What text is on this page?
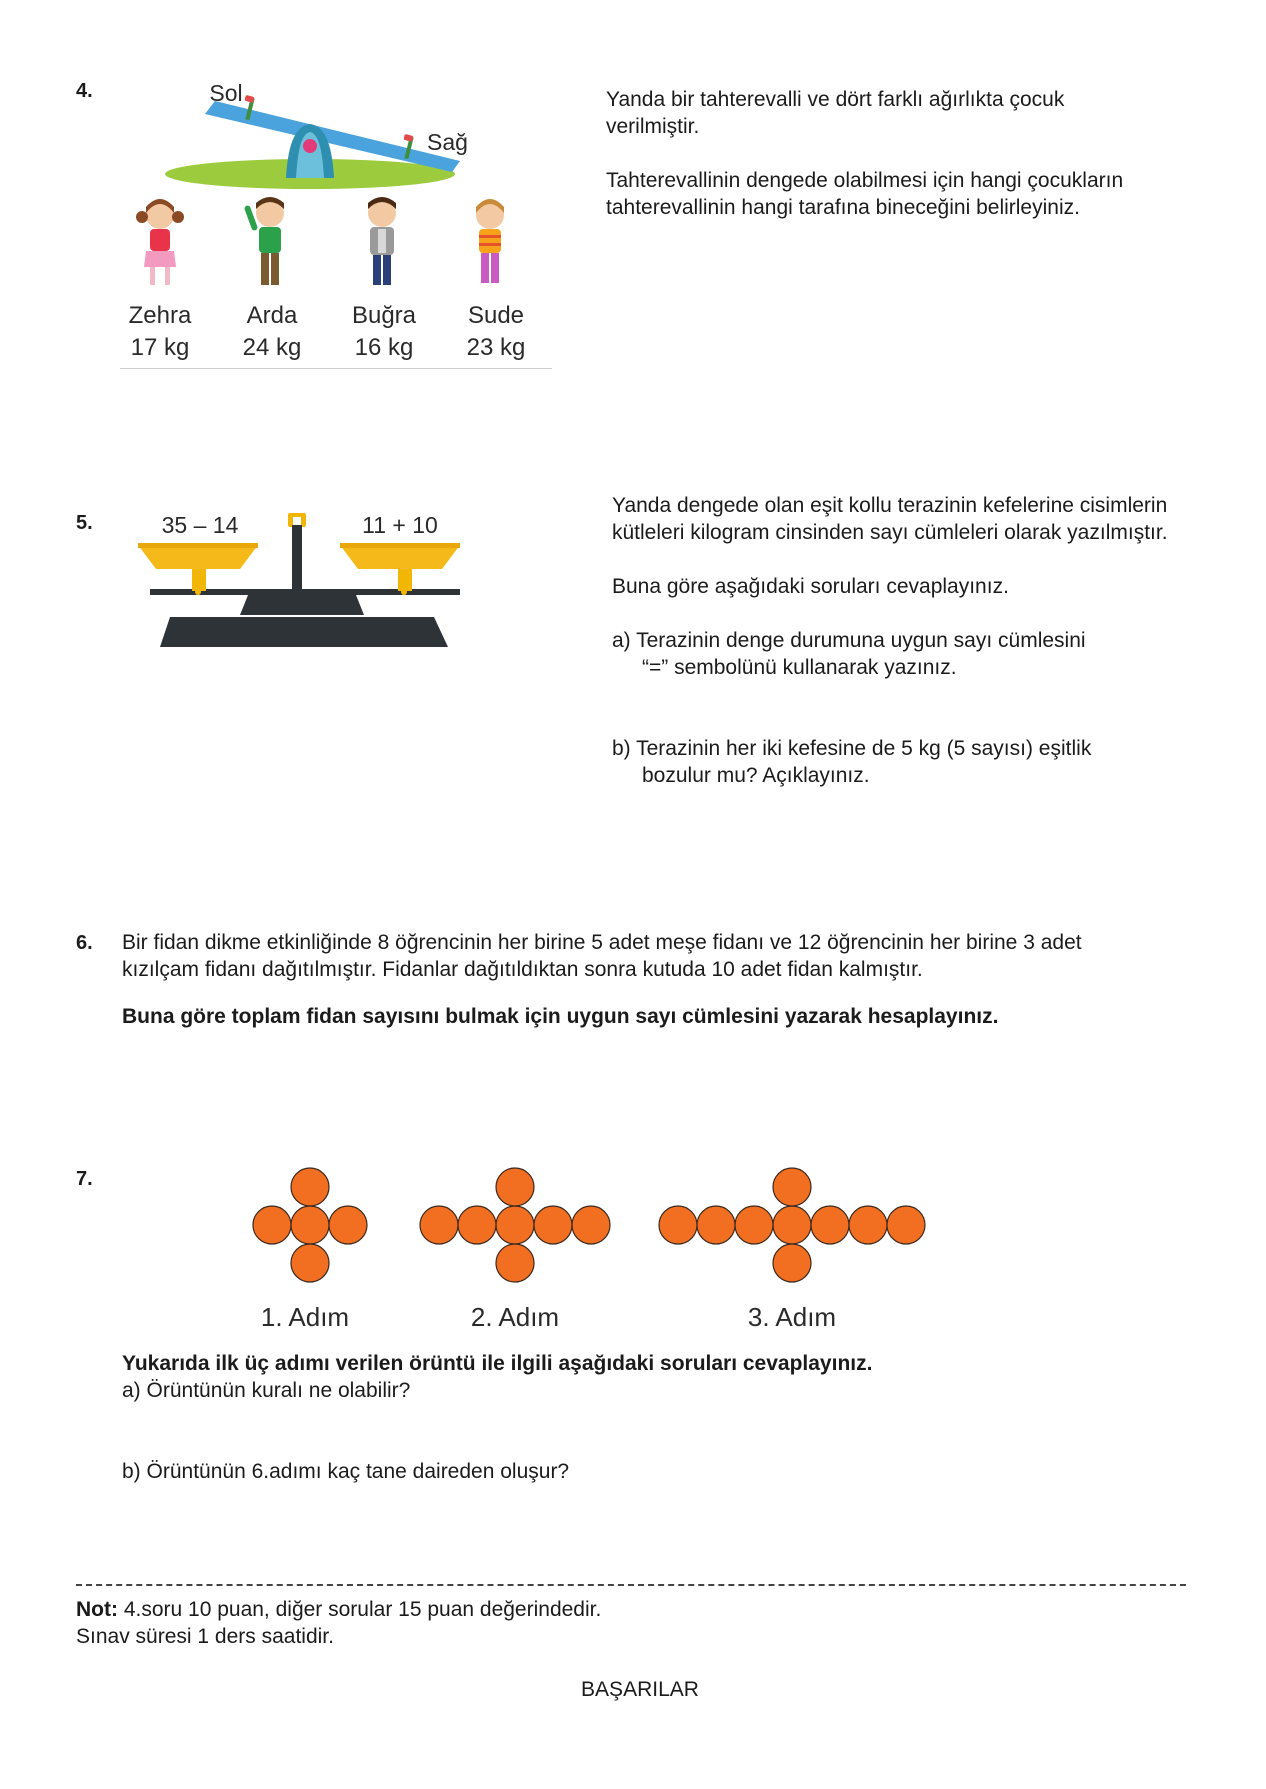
4.	Sol
Sağ
Zehra	Arda	Buğra	Sude
17 kg	24 kg	16 kg	23 kg

Yanda bir tahterevalli ve dört farklı ağırlıkta çocuk verilmiştir.

Tahterevallinin dengede olabilmesi için hangi çocukların tahterevallinin hangi tarafına bineceğini belirleyiniz.

5.	35 – 14	11 + 10

Yanda dengede olan eşit kollu terazinin kefelerine cisimlerin kütleleri kilogram cinsinden sayı cümleleri olarak yazılmıştır.

Buna göre aşağıdaki soruları cevaplayınız.

a) Terazinin denge durumuna uygun sayı cümlesini

“=” sembolünü kullanarak yazınız.

b) Terazinin her iki kefesine de 5 kg (5 sayısı) eşitlik

bozulur mu? Açıklayınız.

6. Bir fidan dikme etkinliğinde 8 öğrencinin her birine 5 adet meşe fidanı ve 12 öğrencinin her birine 3 adet kızılçam fidanı dağıtılmıştır. Fidanlar dağıtıldıktan sonra kutuda 10 adet fidan kalmıştır.

Buna göre toplam fidan sayısını bulmak için uygun sayı cümlesini yazarak hesaplayınız.

7.
1. Adım	2. Adım	3. Adım

Yukarıda ilk üç adımı verilen örüntü ile ilgili aşağıdaki soruları cevaplayınız.

a) Örüntünün kuralı ne olabilir?

b) Örüntünün 6.adımı kaç tane daireden oluşur?

Not: 4.soru 10 puan, diğer sorular 15 puan değerindedir.

Sınav süresi 1 ders saatidir.

BAŞARILAR
